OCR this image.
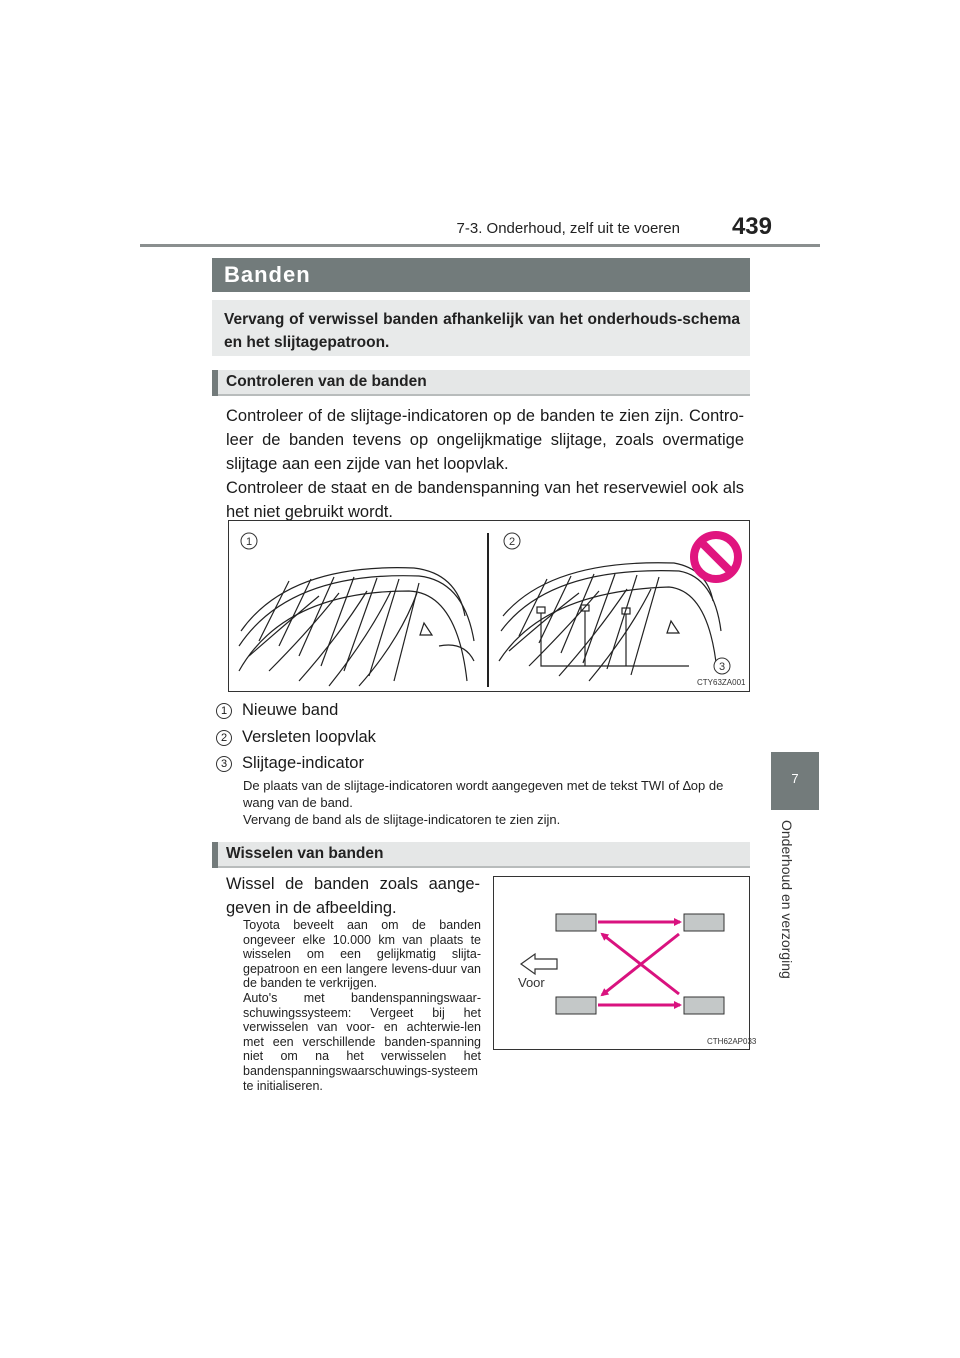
7-3. Onderhoud, zelf uit te voeren 439
7
Onderhoud en verzorging
Banden

Vervang of verwissel banden afhankelijk van het onderhouds-schema en het slijtagepatroon.

Controleren van de banden

Controleer of de slijtage-indicatoren op de banden te zien zijn. Contro-leer de banden tevens op ongelijkmatige slijtage, zoals overmatige slijtage aan een zijde van het loopvlak.

Controleer de staat en de bandenspanning van het reservewiel ook als het niet gebruikt wordt.

1	2
3
CTY63ZA001
1 Nieuwe band
2 Versleten loopvlak
3 Slijtage-indicator

De plaats van de slijtage-indicatoren wordt aangegeven met de tekst TWI of ∆op de wang van de band.

Vervang de band als de slijtage-indicatoren te zien zijn.

Wisselen van banden

Wissel de banden zoals aange-geven in de afbeelding.

Toyota beveelt aan om de banden ongeveer elke 10.000 km van plaats te wisselen om een gelijkmatig slijta-gepatroon en een langere levens-duur van de banden te verkrijgen.

Auto's met bandenspanningswaar-schuwingssysteem: Vergeet bij het verwisselen van voor- en achterwie-len met een verschillende banden-spanning niet om na het verwisselen het bandenspanningswaarschuwings-systeem te initialiseren.

CTH62AP033
Voor
